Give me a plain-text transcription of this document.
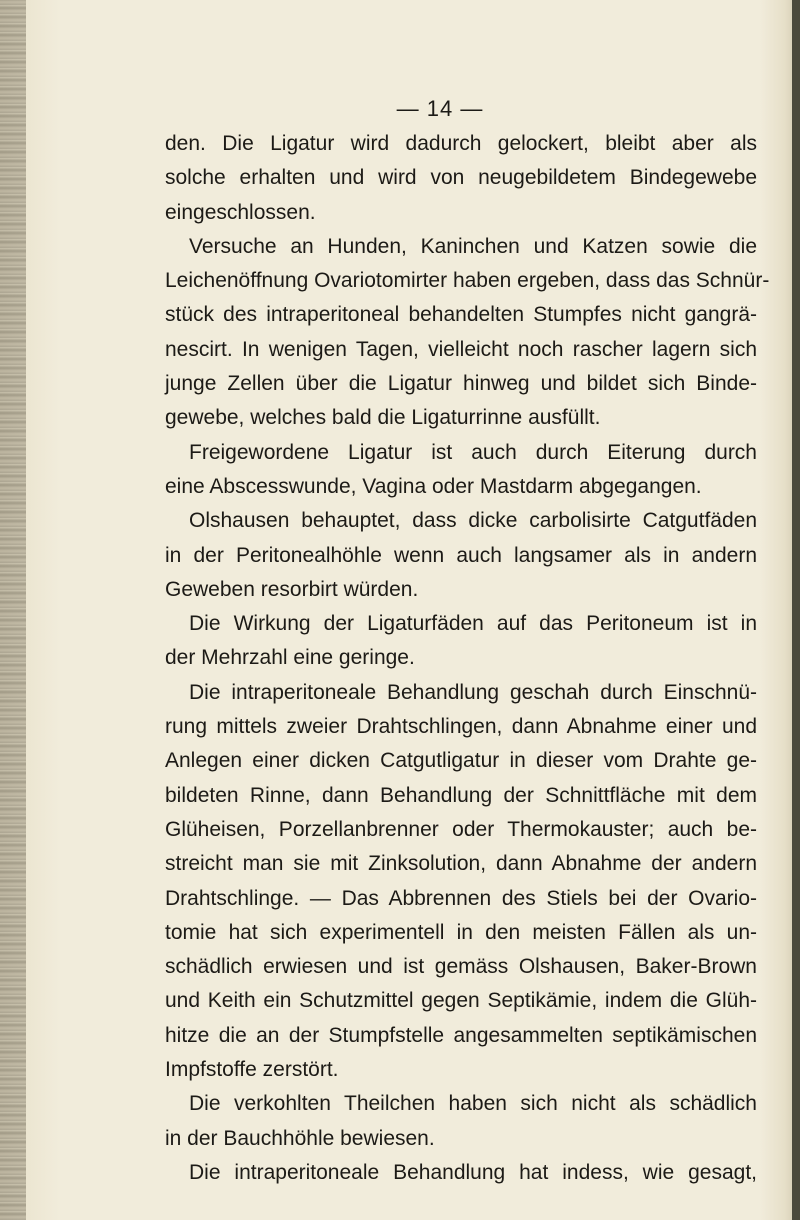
— 14 —
den. Die Ligatur wird dadurch gelockert, bleibt aber als
solche erhalten und wird von neugebildetem Bindegewebe
eingeschlossen.
Versuche an Hunden, Kaninchen und Katzen sowie die
Leichenöffnung Ovariotomirter haben ergeben, dass das Schnür-
stück des intraperitoneal behandelten Stumpfes nicht gangrä-
nescirt. In wenigen Tagen, vielleicht noch rascher lagern sich
junge Zellen über die Ligatur hinweg und bildet sich Binde-
gewebe, welches bald die Ligaturrinne ausfüllt.
Freigewordene Ligatur ist auch durch Eiterung durch
eine Abscesswunde, Vagina oder Mastdarm abgegangen.
Olshausen behauptet, dass dicke carbolisirte Catgutfäden
in der Peritonealhöhle wenn auch langsamer als in andern
Geweben resorbirt würden.
Die Wirkung der Ligaturfäden auf das Peritoneum ist in
der Mehrzahl eine geringe.
Die intraperitoneale Behandlung geschah durch Einschnü-
rung mittels zweier Drahtschlingen, dann Abnahme einer und
Anlegen einer dicken Catgutligatur in dieser vom Drahte ge-
bildeten Rinne, dann Behandlung der Schnittfläche mit dem
Glüheisen, Porzellanbrenner oder Thermokauster; auch be-
streicht man sie mit Zinksolution, dann Abnahme der andern
Drahtschlinge. — Das Abbrennen des Stiels bei der Ovario-
tomie hat sich experimentell in den meisten Fällen als un-
schädlich erwiesen und ist gemäss Olshausen, Baker-Brown
und Keith ein Schutzmittel gegen Septikämie, indem die Glüh-
hitze die an der Stumpfstelle angesammelten septikämischen
Impfstoffe zerstört.
Die verkohlten Theilchen haben sich nicht als schädlich
in der Bauchhöhle bewiesen.
Die intraperitoneale Behandlung hat indess, wie gesagt,
